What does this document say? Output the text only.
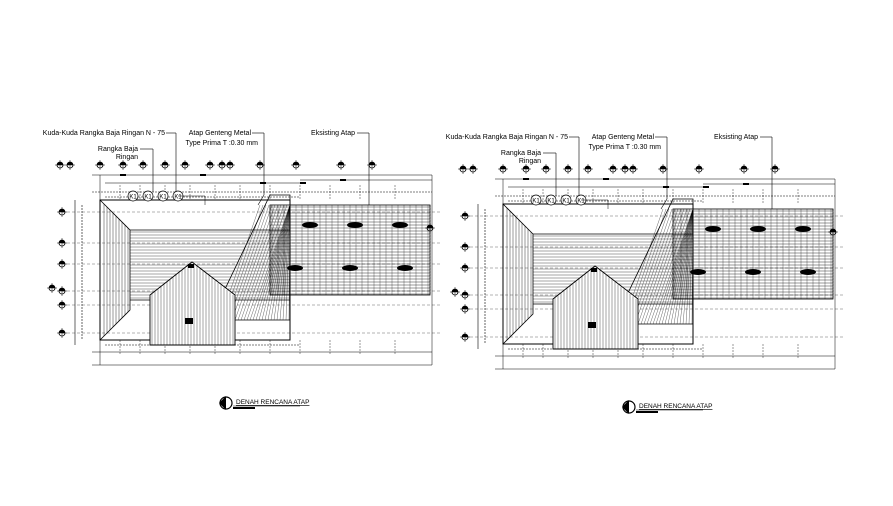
K1 K1 K1 K1
Kuda-Kuda Rangka Baja Ringan N - 75
Rangka Baja
Ringan
Atap Genteng Metal
Type Prima T :0.30 mm
Eksisting Atap
DENAH RENCANA ATAP
K1 K1 K1 K1
Kuda-Kuda Rangka Baja Ringan N - 75
Rangka Baja
Ringan
Atap Genteng Metal
Type Prima T :0.30 mm
Eksisting Atap
DENAH RENCANA ATAP
